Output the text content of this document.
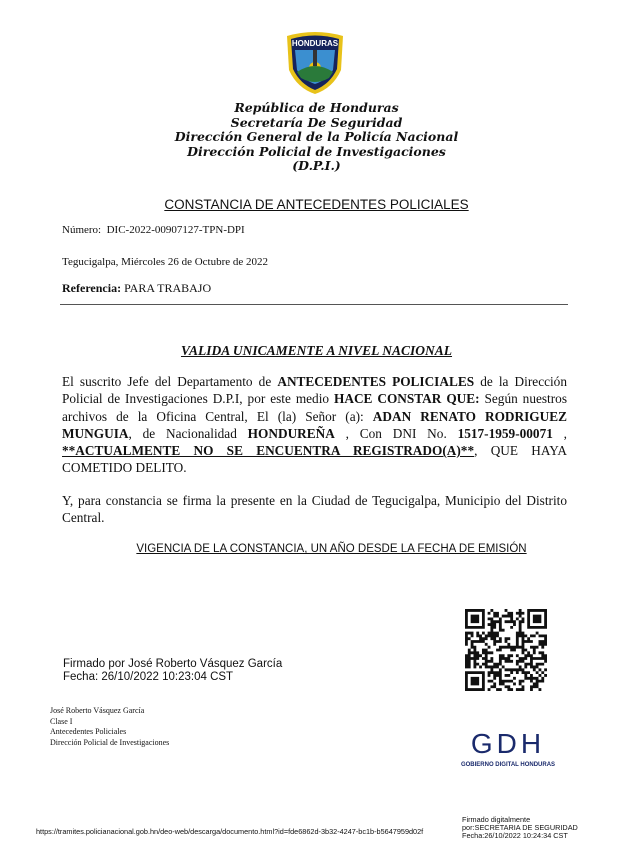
HONDURAS
República de Honduras
Secretaría De Seguridad
Dirección General de la Policía Nacional
Dirección Policial de Investigaciones
(D.P.I.)
CONSTANCIA DE ANTECEDENTES POLICIALES
Número: DIC-2022-00907127-TPN-DPI
Tegucigalpa, Miércoles 26 de Octubre de 2022
Referencia: PARA TRABAJO
VALIDA UNICAMENTE A NIVEL NACIONAL

El suscrito Jefe del Departamento de ANTECEDENTES POLICIALES de la Dirección Policial de Investigaciones D.P.I, por este medio HACE CONSTAR QUE: Según nuestros archivos de la Oficina Central, El (la) Señor (a): ADAN RENATO RODRIGUEZ MUNGUIA, de Nacionalidad HONDUREÑA , Con DNI No. 1517-1959-00071 , **ACTUALMENTE NO SE ENCUENTRA REGISTRADO(A)**, QUE HAYA COMETIDO DELITO.

Y, para constancia se firma la presente en la Ciudad de Tegucigalpa, Municipio del Distrito Central.

VIGENCIA DE LA CONSTANCIA, UN AÑO DESDE LA FECHA DE EMISIÓN
Firmado por José Roberto Vásquez García
Fecha: 26/10/2022 10:23:04 CST
José Roberto Vásquez García
Clase I
Antecedentes Policiales
Dirección Policial de Investigaciones	GDH
GOBIERNO DIGITAL HONDURAS
https://tramites.policianacional.gob.hn/deo-web/descarga/documento.html?id=fde6862d-3b32-4247-bc1b-b5647959d02f
Firmado digitalmente
por:SECRETARIA DE SEGURIDAD
Fecha:26/10/2022 10:24:34 CST
